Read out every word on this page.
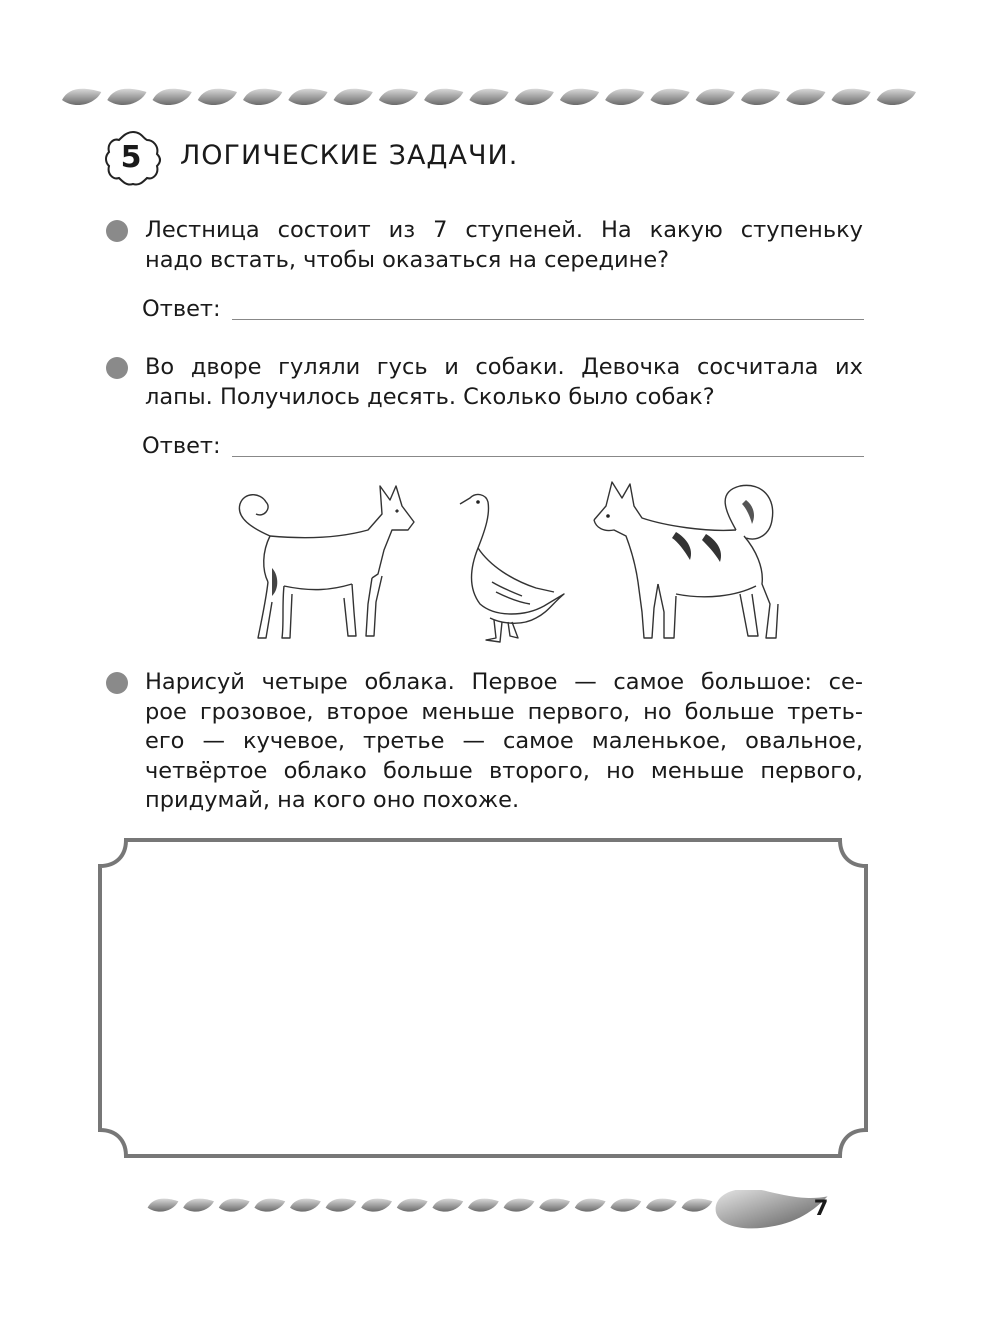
5	ЛОГИЧЕСКИЕ ЗАДАЧИ.
Лестница состоит из 7 ступеней. На какую ступеньку
надо встать, чтобы оказаться на середине?
Ответ:
Во дворе гуляли гусь и собаки. Девочка сосчитала их
лапы. Получилось десять. Сколько было собак?
Ответ:
Нарисуй четыре облака. Первое — самое большое: се-
рое грозовое, второе меньше первого, но больше треть-
его — кучевое, третье — самое маленькое, овальное,
четвёртое облако больше второго, но меньше первого,
придумай, на кого оно похоже.
7
